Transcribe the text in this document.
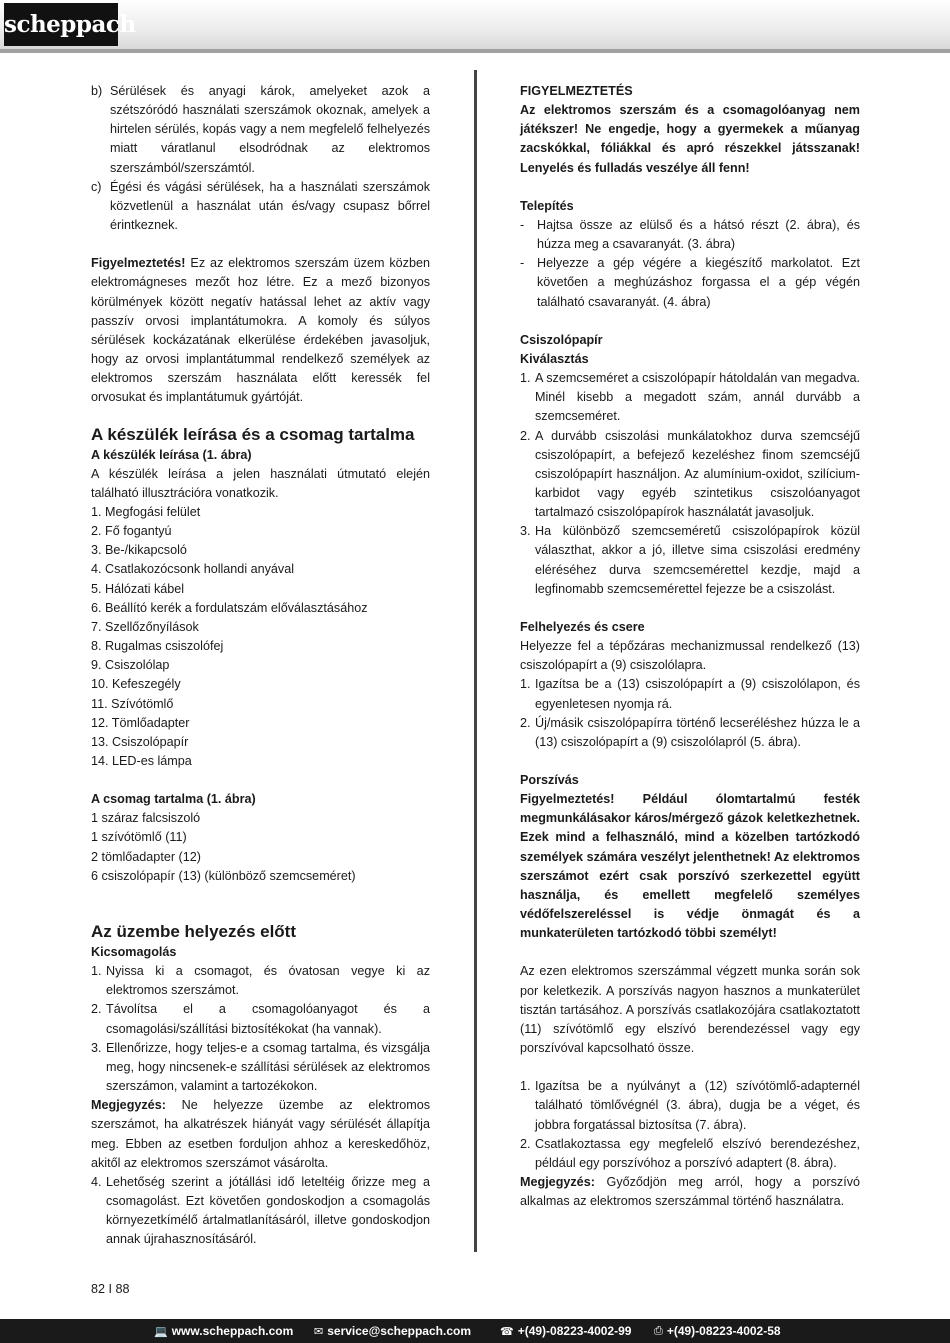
scheppach
b) Sérülések és anyagi károk, amelyeket azok a szétszóródó használati szerszámok okoznak, amelyek a hirtelen sérülés, kopás vagy a nem megfelelő felhelyezés miatt váratlanul elsodródnak az elektromos szerszámból/szerszámtól.
c) Égési és vágási sérülések, ha a használati szerszámok közvetlenül a használat után és/vagy csupasz bőrrel érintkeznek.

Figyelmeztetés! Ez az elektromos szerszám üzem közben elektromágneses mezőt hoz létre. Ez a mező bizonyos körülmények között negatív hatással lehet az aktív vagy passzív orvosi implantátumokra. A komoly és súlyos sérülések kockázatának elkerülése érdekében javasoljuk, hogy az orvosi implantátummal rendelkező személyek az elektromos szerszám használata előtt keressék fel orvosukat és implantátumuk gyártóját.

A készülék leírása és a csomag tartalma
A készülék leírása (1. ábra)

A készülék leírása a jelen használati útmutató elején található illusztrációra vonatkozik.

1. Megfogási felület
2. Fő fogantyú
3. Be-/kikapcsoló
4. Csatlakozócsonk hollandi anyával
5. Hálózati kábel
6. Beállító kerék a fordulatszám előválasztásához
7. Szellőzőnyílások
8. Rugalmas csiszolófej
9. Csiszolólap
10. Kefeszegély
11. Szívótömlő
12. Tömlőadapter
13. Csiszolópapír
14. LED-es lámpa
A csomag tartalma (1. ábra)
1 száraz falcsiszoló
1 szívótömlő (11)
2 tömlőadapter (12)
6 csiszolópapír (13) (különböző szemcseméret)
Az üzembe helyezés előtt
Kicsomagolás
1. Nyissa ki a csomagot, és óvatosan vegye ki az elektromos szerszámot.
2. Távolítsa el a csomagolóanyagot és a csomagolási/szállítási biztosítékokat (ha vannak).
3. Ellenőrizze, hogy teljes-e a csomag tartalma, és vizsgálja meg, hogy nincsenek-e szállítási sérülések az elektromos szerszámon, valamint a tartozékokon.

Megjegyzés: Ne helyezze üzembe az elektromos szerszámot, ha alkatrészek hiányát vagy sérülését állapítja meg. Ebben az esetben forduljon ahhoz a kereskedőhöz, akitől az elektromos szerszámot vásárolta.

4. Lehetőség szerint a jótállási idő leteltéig őrizze meg a csomagolást. Ezt követően gondoskodjon a csomagolás környezetkímélő ártalmatlanításáról, illetve gondoskodjon annak újrahasznosításáról.
FIGYELMEZTETÉS

Az elektromos szerszám és a csomagolóanyag nem játékszer! Ne engedje, hogy a gyermekek a műanyag zacskókkal, fóliákkal és apró részekkel játsszanak! Lenyelés és fulladás veszélye áll fenn!

Telepítés
-	Hajtsa össze az elülső és a hátsó részt (2. ábra), és húzza meg a csavaranyát. (3. ábra)
-	Helyezze a gép végére a kiegészítő markolatot. Ezt követően a meghúzáshoz forgassa el a gép végén található csavaranyát. (4. ábra)
Csiszolópapír
Kiválasztás
1. A szemcseméret a csiszolópapír hátoldalán van megadva. Minél kisebb a megadott szám, annál durvább a szemcseméret.
2. A durvább csiszolási munkálatokhoz durva szemcséjű csiszolópapírt, a befejező kezeléshez finom szemcséjű csiszolópapírt használjon. Az alumínium-oxidot, szilícium-karbidot vagy egyéb szintetikus csiszolóanyagot tartalmazó csiszolópapírok használatát javasoljuk.
3. Ha különböző szemcseméretű csiszolópapírok közül választhat, akkor a jó, illetve sima csiszolási eredmény eléréséhez durva szemcsemérettel kezdje, majd a legfinomabb szemcsemérettel fejezze be a csiszolást.
Felhelyezés és csere

Helyezze fel a tépőzáras mechanizmussal rendelkező (13) csiszolópapírt a (9) csiszolólapra.

1. Igazítsa be a (13) csiszolópapírt a (9) csiszolólapon, és egyenletesen nyomja rá.
2. Új/másik csiszolópapírra történő lecseréléshez húzza le a (13) csiszolópapírt a (9) csiszolólapról (5. ábra).
Porszívás

Figyelmeztetés! Például ólomtartalmú festék megmunkálásakor káros/mérgező gázok keletkezhetnek. Ezek mind a felhasználó, mind a közelben tartózkodó személyek számára veszélyt jelenthetnek! Az elektromos szerszámot ezért csak porszívó szerkezettel együtt használja, és emellett megfelelő személyes védőfelszereléssel is védje önmagát és a munkaterületen tartózkodó többi személyt!

Az ezen elektromos szerszámmal végzett munka során sok por keletkezik. A porszívás nagyon hasznos a munkaterület tisztán tartásához. A porszívás csatlakozójára csatlakoztatott (11) szívótömlő egy elszívó berendezéssel vagy egy porszívóval kapcsolható össze.

1. Igazítsa be a nyúlványt a (12) szívótömlő-adapternél található tömlővégnél (3. ábra), dugja be a véget, és jobbra forgatással biztosítsa (7. ábra).
2. Csatlakoztassa egy megfelelő elszívó berendezéshez, például egy porszívóhoz a porszívó adaptert (8. ábra).

Megjegyzés: Győződjön meg arról, hogy a porszívó alkalmas az elektromos szerszámmal történő használatra.

82 I 88
💻 www.scheppach.com ✉ service@scheppach.com	☎ +(49)-08223-4002-99 ⎙ +(49)-08223-4002-58
